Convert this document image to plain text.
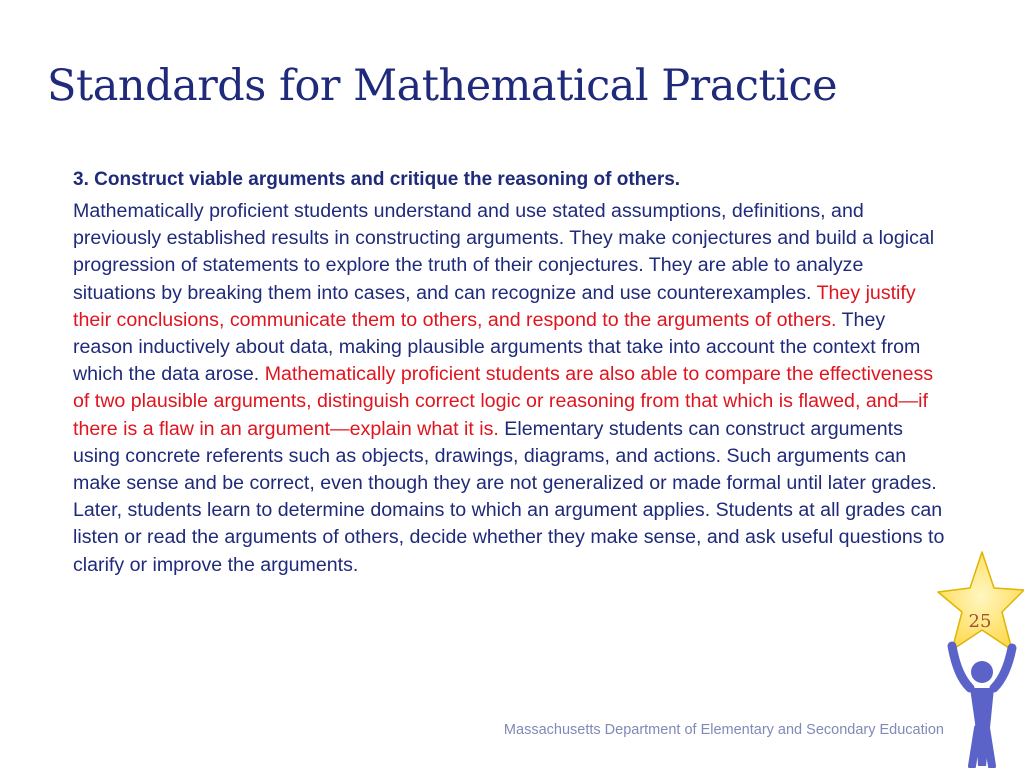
Standards for Mathematical Practice

3. Construct viable arguments and critique the reasoning of others.

Mathematically proficient students understand and use stated assumptions, definitions, and previously established results in constructing arguments. They make conjectures and build a logical progression of statements to explore the truth of their conjectures. They are able to analyze situations by breaking them into cases, and can recognize and use counterexamples. They justify their conclusions, communicate them to others, and respond to the arguments of others. They reason inductively about data, making plausible arguments that take into account the context from which the data arose. Mathematically proficient students are also able to compare the effectiveness of two plausible arguments, distinguish correct logic or reasoning from that which is flawed, and—if there is a flaw in an argument—explain what it is. Elementary students can construct arguments using concrete referents such as objects, drawings, diagrams, and actions. Such arguments can make sense and be correct, even though they are not generalized or made formal until later grades. Later, students learn to determine domains to which an argument applies. Students at all grades can listen or read the arguments of others, decide whether they make sense, and ask useful questions to clarify or improve the arguments.

Massachusetts Department of Elementary and Secondary Education
25
